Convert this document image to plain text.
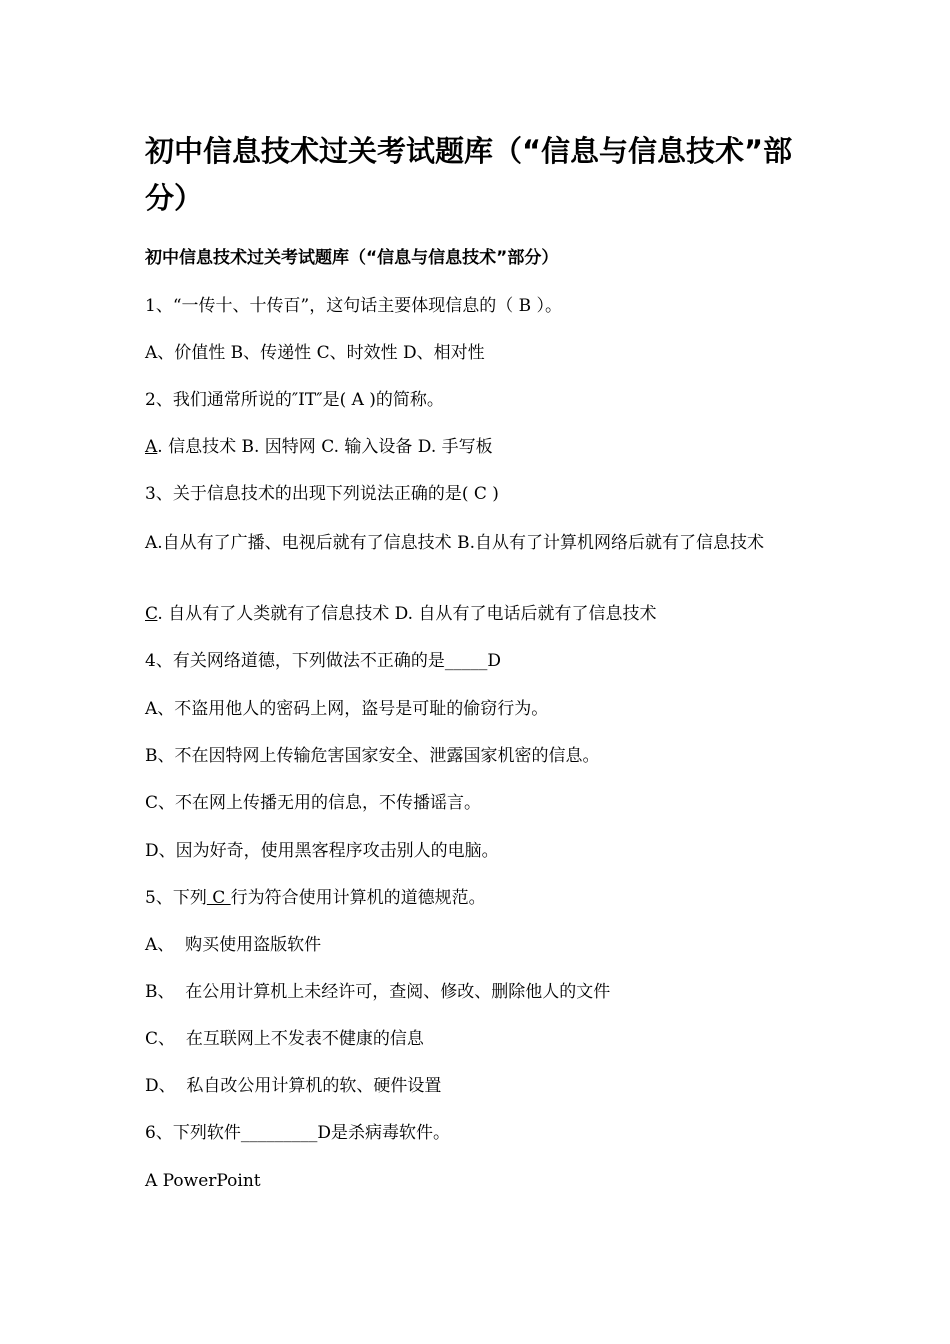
初中信息技术过关考试题库（“信息与信息技术”部分）
初中信息技术过关考试题库（“信息与信息技术”部分）

1、“一传十、十传百”，这句话主要体现信息的（ B ）。

A、价值性 B、传递性 C、时效性 D、相对性

2、我们通常所说的″IT″是( A )的简称。

A. 信息技术 B. 因特网 C. 输入设备 D. 手写板

3、关于信息技术的出现下列说法正确的是( C )

A.自从有了广播、电视后就有了信息技术 B.自从有了计算机网络后就有了信息技术

C. 自从有了人类就有了信息技术 D. 自从有了电话后就有了信息技术

4、有关网络道德，下列做法不正确的是_____D

A、不盗用他人的密码上网，盗号是可耻的偷窃行为。

B、不在因特网上传输危害国家安全、泄露国家机密的信息。

C、不在网上传播无用的信息，不传播谣言。

D、因为好奇，使用黑客程序攻击别人的电脑。

5、下列 C 行为符合使用计算机的道德规范。

A、  购买使用盗版软件

B、  在公用计算机上未经许可，查阅、修改、删除他人的文件

C、  在互联网上不发表不健康的信息

D、  私自改公用计算机的软、硬件设置

6、下列软件_________D是杀病毒软件。

A PowerPoint
